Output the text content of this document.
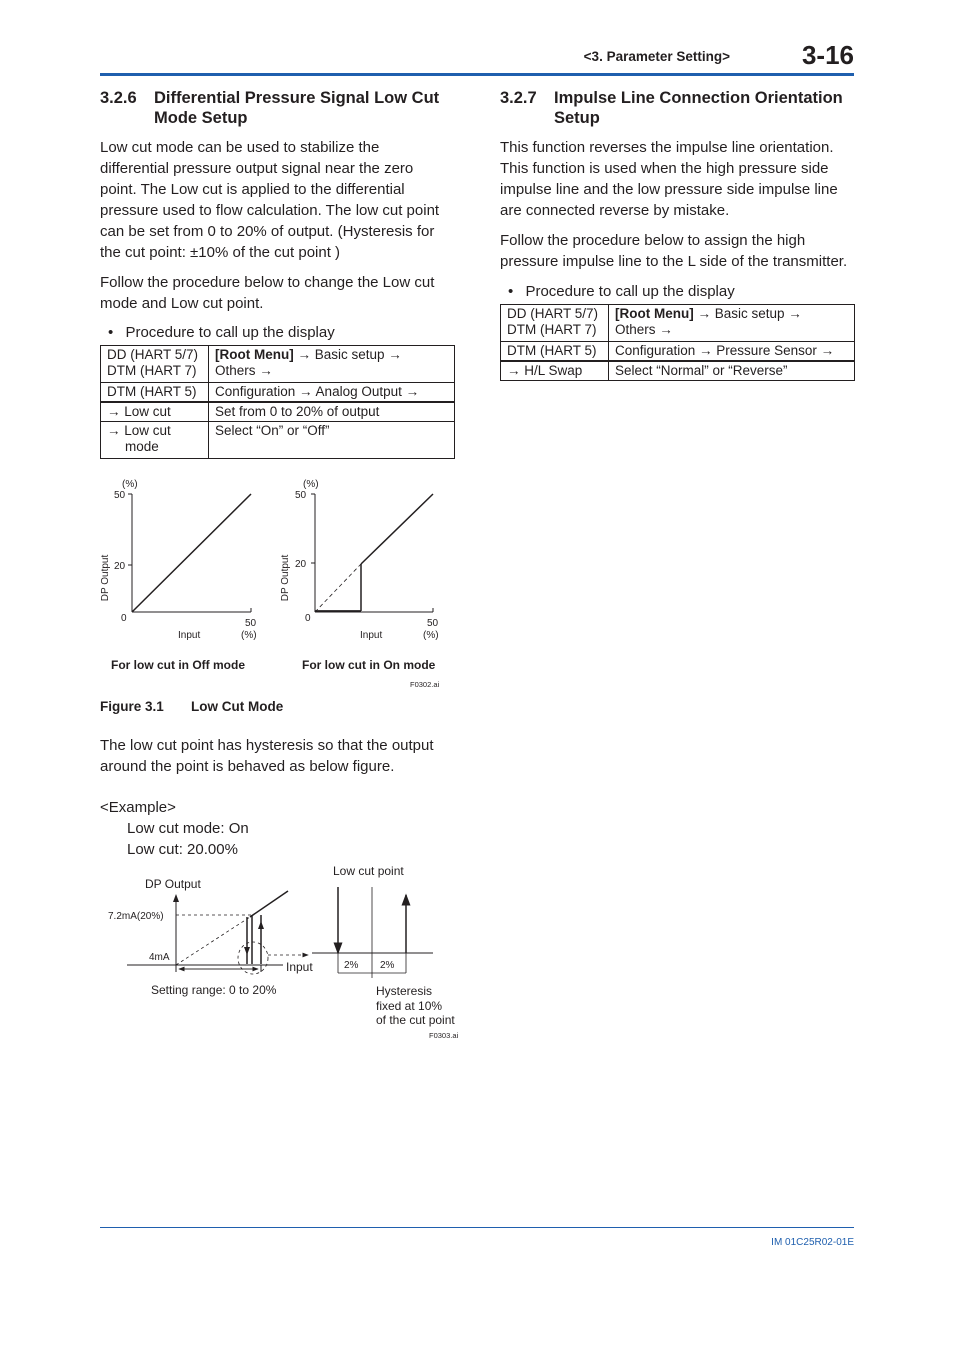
<3. Parameter Setting>	3-16
3.2.6 Differential Pressure Signal Low Cut
Mode Setup

Low cut mode can be used to stabilize the
differential pressure output signal near the zero
point. The Low cut is applied to the differential
pressure used to flow calculation. The low cut point
can be set from 0 to 20% of output. (Hysteresis for
the cut point: ±10% of the cut point )

Follow the procedure below to change the Low cut
mode and Low cut point.

• Procedure to call up the display
DD (HART 5/7)
DTM (HART 7)	[Root Menu] → Basic setup →
Others →
DTM (HART 5)	Configuration → Analog Output →
→ Low cut	Set from 0 to 20% of output
→ Low cut
mode	Select “On” or “Off”
(%)
50
20
0
DP Output
50
(%)
Input
For low cut in Off mode
(%)
50
20
0
DP Output
50
(%)
Input
For low cut in On mode
F0302.ai
Figure 3.1 Low Cut Mode

The low cut point has hysteresis so that the output
around the point is behaved as below figure.

<Example>
Low cut mode: On
Low cut: 20.00%
DP Output
7.2mA(20%)
4mA
Input
Setting range: 0 to 20%
Low cut point
2% 2%
Hysteresis
fixed at 10%
of the cut point
F0303.ai
3.2.7 Impulse Line Connection Orientation
Setup

This function reverses the impulse line orientation.
This function is used when the high pressure side
impulse line and the low pressure side impulse line
are connected reverse by mistake.

Follow the procedure below to assign the high
pressure impulse line to the L side of the transmitter.

• Procedure to call up the display
DD (HART 5/7)
DTM (HART 7)	[Root Menu] → Basic setup →
Others →
DTM (HART 5)	Configuration → Pressure Sensor →
→ H/L Swap	Select “Normal” or “Reverse”
IM 01C25R02-01E
